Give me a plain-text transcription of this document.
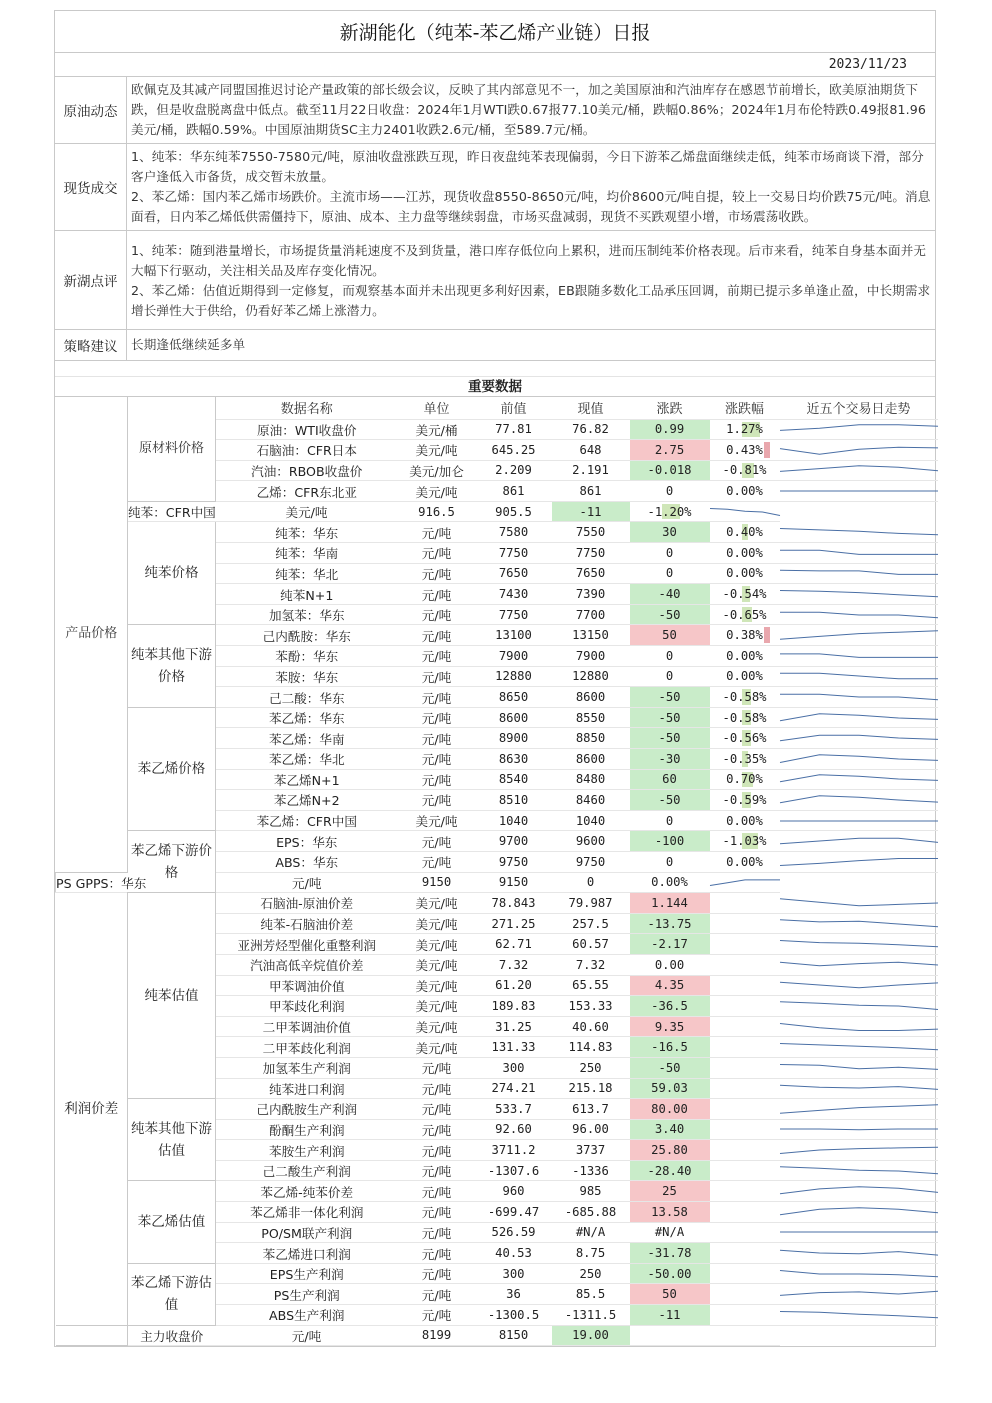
新湖能化（纯苯-苯乙烯产业链）日报
2023/11/23
原油动态

欧佩克及其减产同盟国推迟讨论产量政策的部长级会议，反映了其内部意见不一，加之美国原油和汽油库存在感恩节前增长，欧美原油期货下跌，但是收盘脱离盘中低点。截至11月22日收盘：2024年1月WTI跌0.67报77.10美元/桶，跌幅0.86%；2024年1月布伦特跌0.49报81.96美元/桶，跌幅0.59%。中国原油期货SC主力2401收跌2.6元/桶，至589.7元/桶。

现货成交

1、纯苯：华东纯苯7550-7580元/吨，原油收盘涨跌互现，昨日夜盘纯苯表现偏弱，今日下游苯乙烯盘面继续走低，纯苯市场商谈下滑，部分客户逢低入市备货，成交暂未放量。

2、苯乙烯：国内苯乙烯市场跌价。主流市场——江苏，现货收盘8550-8650元/吨，均价8600元/吨自提，较上一交易日均价跌75元/吨。消息面看，日内苯乙烯低供需僵持下，原油、成本、主力盘等继续弱盘，市场买盘减弱，现货不买跌观望小增，市场震荡收跌。

新湖点评

1、纯苯：随到港量增长，市场提货量消耗速度不及到货量，港口库存低位向上累积，进而压制纯苯价格表现。后市来看，纯苯自身基本面并无大幅下行驱动，关注相关品及库存变化情况。

2、苯乙烯：估值近期得到一定修复，而观察基本面并未出现更多利好因素，EB跟随多数化工品承压回调，前期已提示多单逢止盈，中长期需求增长弹性大于供给，仍看好苯乙烯上涨潜力。

策略建议	长期逢低继续延多单

重要数据
产品价格	原材料价格	数据名称	单位	前值	现值	涨跌	涨跌幅	近五个交易日走势
		原油：WTI收盘价	美元/桶	77.81	76.82	0.99	1.27%	

		石脑油：CFR日本	美元/吨	645.25	648	2.75	0.43%	

		汽油：RBOB收盘价	美元/加仑	2.209	2.191	-0.018	-0.81%	

		乙烯：CFR东北亚	美元/吨	861	861	0	0.00%	

	纯苯：CFR中国	美元/吨	916.5	905.5	-11	-1.20%	

	纯苯价格	纯苯：华东	元/吨	7580	7550	30	0.40%	

		纯苯：华南	元/吨	7750	7750	0	0.00%	

		纯苯：华北	元/吨	7650	7650	0	0.00%	

		纯苯N+1	元/吨	7430	7390	-40	-0.54%	

		加氢苯：华东	元/吨	7750	7700	-50	-0.65%	

	纯苯其他下游价格	己内酰胺：华东	元/吨	13100	13150	50	0.38%	

		苯酚：华东	元/吨	7900	7900	0	0.00%	

		苯胺：华东	元/吨	12880	12880	0	0.00%	

		己二酸：华东	元/吨	8650	8600	-50	-0.58%	

	苯乙烯价格	苯乙烯：华东	元/吨	8600	8550	-50	-0.58%	

		苯乙烯：华南	元/吨	8900	8850	-50	-0.56%	

		苯乙烯：华北	元/吨	8630	8600	-30	-0.35%	

		苯乙烯N+1	元/吨	8540	8480	60	0.70%	

		苯乙烯N+2	元/吨	8510	8460	-50	-0.59%	

		苯乙烯：CFR中国	美元/吨	1040	1040	0	0.00%	

	苯乙烯下游价格	EPS：华东	元/吨	9700	9600	-100	-1.03%	

		ABS：华东	元/吨	9750	9750	0	0.00%	

PS GPPS：华东		元/吨	9150	9150	0	0.00%	

利润价差	纯苯估值	石脑油-原油价差	美元/吨	78.843	79.987	1.144		

		纯苯-石脑油价差	美元/吨	271.25	257.5	-13.75		

		亚洲芳烃型催化重整利润	美元/吨	62.71	60.57	-2.17		

		汽油高低辛烷值价差	美元/吨	7.32	7.32	0.00		

		甲苯调油价值	美元/吨	61.20	65.55	4.35		

		甲苯歧化利润	美元/吨	189.83	153.33	-36.5		

		二甲苯调油价值	美元/吨	31.25	40.60	9.35		

		二甲苯歧化利润	美元/吨	131.33	114.83	-16.5		

		加氢苯生产利润	元/吨	300	250	-50		

		纯苯进口利润	元/吨	274.21	215.18	59.03		

	纯苯其他下游估值	己内酰胺生产利润	元/吨	533.7	613.7	80.00		

		酚酮生产利润	元/吨	92.60	96.00	3.40		

		苯胺生产利润	元/吨	3711.2	3737	25.80		

		己二酸生产利润	元/吨	-1307.6	-1336	-28.40		

	苯乙烯估值	苯乙烯-纯苯价差	元/吨	960	985	25		

		苯乙烯非一体化利润	元/吨	-699.47	-685.88	13.58		

		PO/SM联产利润	元/吨	526.59	#N/A	#N/A		

		苯乙烯进口利润	元/吨	40.53	8.75	-31.78		

	苯乙烯下游估值	EPS生产利润	元/吨	300	250	-50.00		

		PS生产利润	元/吨	36	85.5	50		

		ABS生产利润	元/吨	-1300.5	-1311.5	-11		

	主力收盘价	元/吨	8199	8150	19.00			
